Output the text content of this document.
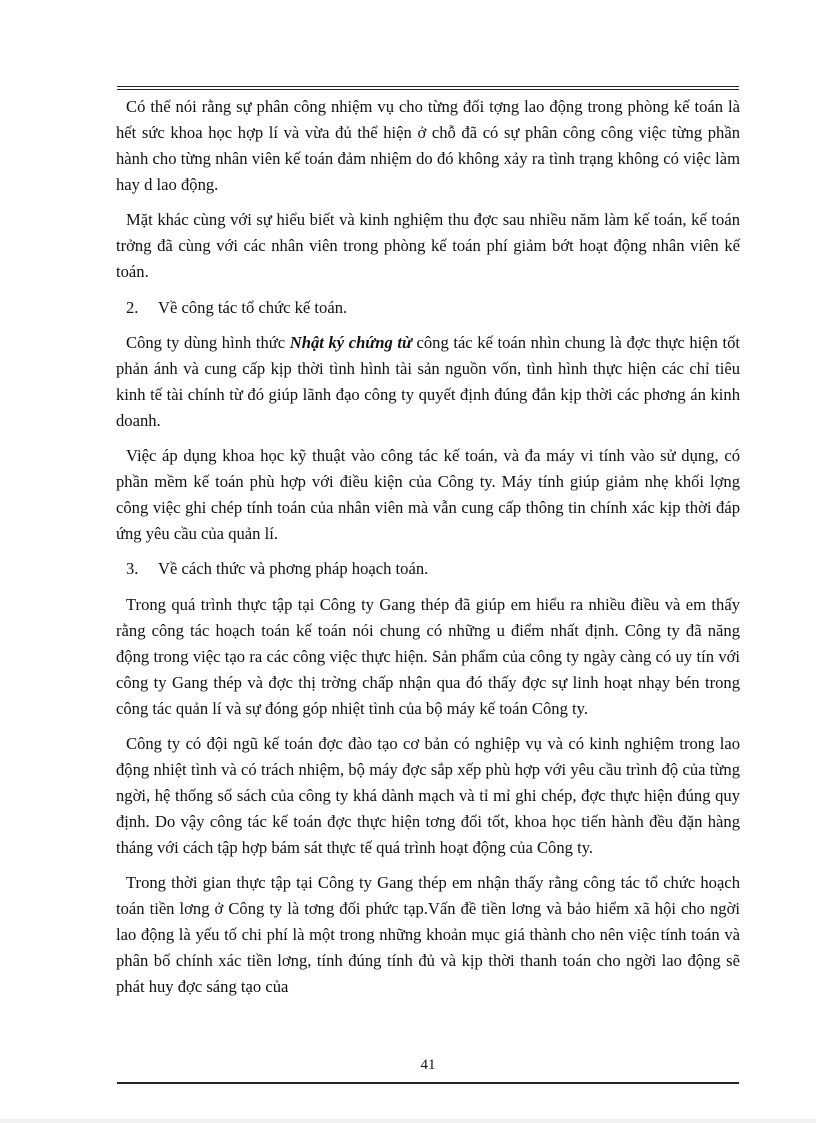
Có thể nói rằng sự phân công nhiệm vụ cho từng đối tợng lao động trong phòng kế toán là hết sức khoa học hợp lí và vừa đủ thể hiện ở chỗ đã có sự phân công công việc từng phần hành cho từng nhân viên kế toán đảm nhiệm do đó không xảy ra tình trạng không có việc làm hay d lao động.

Mặt khác cùng với sự hiểu biết và kinh nghiệm thu đợc sau nhiều năm làm kế toán, kế toán trởng đã cùng với các nhân viên trong phòng kế toán phí giảm bớt hoạt động nhân viên kế toán.

2. Về công tác tổ chức kế toán.

Công ty dùng hình thức Nhật ký chứng từ công tác kế toán nhìn chung là đợc thực hiện tốt phản ánh và cung cấp kịp thời tình hình tài sản nguồn vốn, tình hình thực hiện các chỉ tiêu kinh tế tài chính từ đó giúp lãnh đạo công ty quyết định đúng đắn kịp thời các phơng án kinh doanh.

Việc áp dụng khoa học kỹ thuật vào công tác kế toán, và đa máy vi tính vào sử dụng, có phần mềm kế toán phù hợp với điều kiện của Công ty. Máy tính giúp giảm nhẹ khối lợng công việc ghi chép tính toán của nhân viên mà vẫn cung cấp thông tin chính xác kịp thời đáp ứng yêu cầu của quản lí.

3. Về cách thức và phơng pháp hoạch toán.

Trong quá trình thực tập tại Công ty Gang thép đã giúp em hiểu ra nhiều điều và em thấy rằng công tác hoạch toán kế toán nói chung có những u điểm nhất định. Công ty đã năng động trong việc tạo ra các công việc thực hiện. Sản phẩm của công ty ngày càng có uy tín với công ty Gang thép và đợc thị trờng chấp nhận qua đó thấy đợc sự linh hoạt nhạy bén trong công tác quản lí và sự đóng góp nhiệt tình của bộ máy kế toán Công ty.

Công ty có đội ngũ kế toán đợc đào tạo cơ bản có nghiệp vụ và có kinh nghiệm trong lao động nhiệt tình và có trách nhiệm, bộ máy đợc sắp xếp phù hợp với yêu cầu trình độ của từng ngời, hệ thống sổ sách của công ty khá dành mạch và tỉ mỉ ghi chép, đợc thực hiện đúng quy định. Do vậy công tác kế toán đợc thực hiện tơng đối tốt, khoa học tiến hành đều đặn hàng tháng với cách tập hợp bám sát thực tế quá trình hoạt động của Công ty.

Trong thời gian thực tập tại Công ty Gang thép em nhận thấy rằng công tác tổ chức hoạch toán tiền lơng ở Công ty là tơng đối phức tạp.Vấn đề tiền lơng và bảo hiểm xã hội cho ngời lao động là yếu tố chi phí là một trong những khoản mục giá thành cho nên việc tính toán và phân bổ chính xác tiền lơng, tính đúng tính đủ và kịp thời thanh toán cho ngời lao động sẽ phát huy đợc sáng tạo của

41
